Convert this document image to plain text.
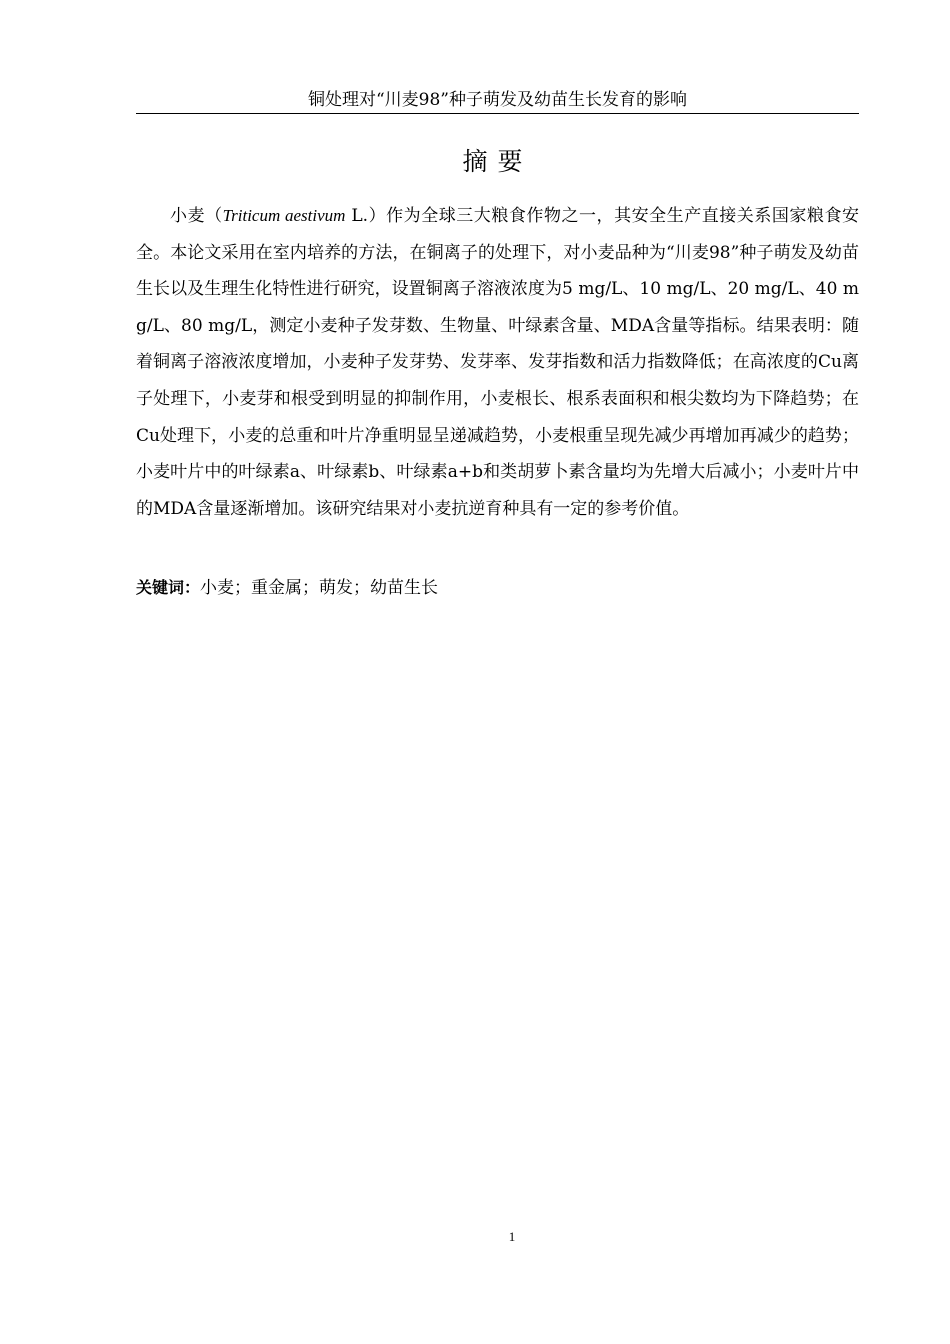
铜处理对“川麦98”种子萌发及幼苗生长发育的影响
摘要

小麦（Triticum aestivum L.）作为全球三大粮食作物之一，其安全生产直接关系国家粮食安全。本论文采用在室内培养的方法，在铜离子的处理下，对小麦品种为“川麦98”种子萌发及幼苗生长以及生理生化特性进行研究，设置铜离子溶液浓度为5 mg/L、10 mg/L、20 mg/L、40 mg/L、80 mg/L，测定小麦种子发芽数、生物量、叶绿素含量、MDA含量等指标。结果表明：随着铜离子溶液浓度增加，小麦种子发芽势、发芽率、发芽指数和活力指数降低；在高浓度的Cu离子处理下，小麦芽和根受到明显的抑制作用，小麦根长、根系表面积和根尖数均为下降趋势；在Cu处理下，小麦的总重和叶片净重明显呈递减趋势，小麦根重呈现先减少再增加再减少的趋势；小麦叶片中的叶绿素a、叶绿素b、叶绿素a+b和类胡萝卜素含量均为先增大后减小；小麦叶片中的MDA含量逐渐增加。该研究结果对小麦抗逆育种具有一定的参考价值。

关键词：小麦；重金属；萌发；幼苗生长

1
